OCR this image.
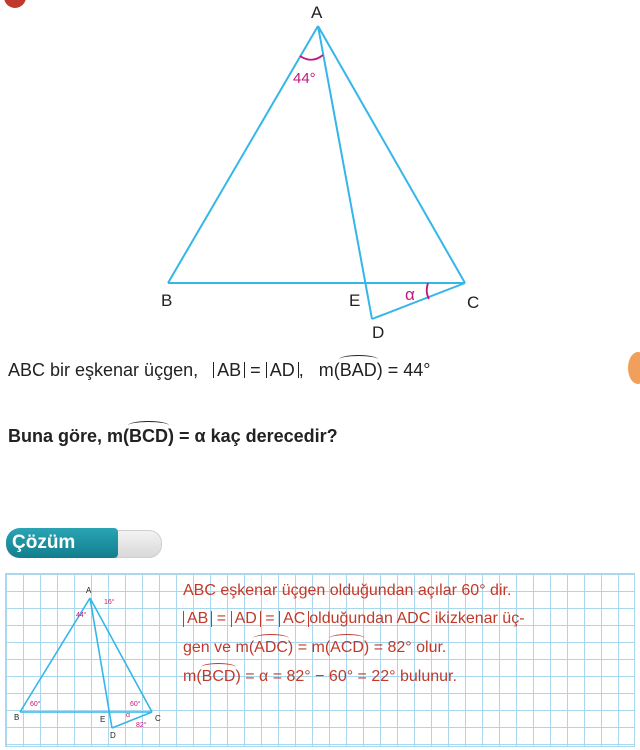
A
B	E	C
D
44°
α
ABC bir eşkenar üçgen, AB = AD , m(BAD) = 44°
Buna göre, m(BCD) = α kaç derecedir?
Çözüm
A
B	E	C
D
16°
44°
60°	60°
α
82°
ABC eşkenar üçgen olduğundan açılar 60° dir.
AB = AD = AC olduğundan ADC ikizkenar üç-
gen ve m(ADC) = m(ACD) = 82° olur.
m(BCD) = α = 82° − 60° = 22° bulunur.
